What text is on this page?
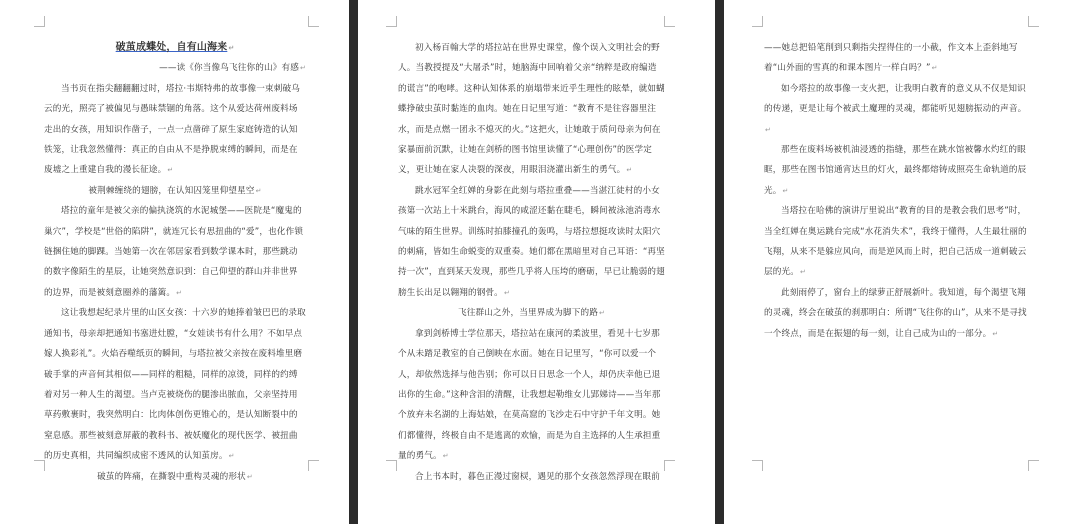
破茧成蝶处，自有山海来↵

——读《你当像鸟飞往你的山》有感↵

当书页在指尖翻翻翻过时，塔拉·韦斯特弗的故事像一束刺破乌云的光，照亮了被偏见与愚昧禁锢的角落。这个从爱达荷州废料场走出的女孩，用知识作凿子，一点一点凿碎了原生家庭铸造的认知铁笼，让我忽然懂得：真正的自由从不是挣脱束缚的瞬间，而是在废墟之上重建自我的漫长征途。↵

被荆棘缠绕的翅膀，在认知囚笼里仰望星空↵

塔拉的童年是被父亲的偏执浇筑的水泥城堡——医院是“魔鬼的巢穴”，学校是“世俗的陷阱”，就连冗长有思扭曲的“爱”，也化作锁链捆住她的脚踝。当她第一次在邻居家看到数学课本时，那些跳动的数字像陌生的星辰，让她突然意识到：自己仰望的群山并非世界的边界，而是被刻意圈养的藩篱。↵

这让我想起纪录片里的山区女孩：十六岁的她捧着皱巴巴的录取通知书，母亲却把通知书塞进灶膛，“女娃读书有什么用？不如早点嫁人换彩礼”。火焰吞噬纸页的瞬间，与塔拉被父亲按在废料堆里磨破手掌的声音何其相似——同样的粗糙，同样的凉烫，同样的约缚着对另一种人生的渴望。当卢克被烧伤的腿渗出脓血，父亲坚持用草药敷裹时，我突然明白：比肉体创伤更锥心的，是认知断裂中的窒息感。那些被刻意屏蔽的教科书、被妖魔化的现代医学、被扭曲的历史真相，共同编织成密不透风的认知茧房。↵

破茧的阵痛，在撕裂中重构灵魂的形状↵

初入杨百翰大学的塔拉站在世界史课堂，像个误入文明社会的野人。当教授提及“大屠杀”时，她脑海中回响着父亲“纳粹是政府编造的谎言”的咆哮。这种认知体系的崩塌带来近乎生理性的眩晕，就如蝴蝶挣破虫茧时黏连的血肉。她在日记里写道：“教育不是往容器里注水，而是点燃一团永不熄灭的火。”这把火，让她敢于质问母亲为何在家暴面前沉默，让她在剑桥的图书馆里读懂了“心理创伤”的医学定义，更让她在家人决裂的深夜，用眼泪浇灌出新生的勇气。↵

跳水冠军全红婵的身影在此刻与塔拉重叠——当湛江徒村的小女孩第一次站上十米跳台，海风的咸涩还黏在睫毛，瞬间被泳池消毒水气味的陌生世界。训练时拍膝撞孔的轰鸣，与塔拉想挺攻读时太阳穴的刺痛，皆如生命蜕变的双重奏。她们都在黑暗里对自己耳语：“再坚持一次”，直到某天发现，那些几乎将人压垮的磨砺，早已让脆弱的翅膀生长出足以翱翔的钢骨。↵

飞往群山之外，当里界成为脚下的路↵

拿到剑桥博士学位那天，塔拉站在康河的柔波里，看见十七岁那个从未踏足教室的自己倒映在水面。她在日记里写，“你可以爱一个人，却依然选择与他告别；你可以日日思念一个人，却仍庆幸他已退出你的生命。”这种含泪的清醒，让我想起勒维女儿郢娣诗——当年那个放弃未名湖的上海姑娘，在莫高窟的飞沙走石中守护千年文明。她们都懂得，终极自由不是逃离的欢愉，而是为自主选择的人生承担重量的勇气。↵

合上书本时，暮色正漫过窗棂，遇见的那个女孩忽然浮现在眼前

——她总把铅笔削到只剩指尖捏得住的一小截，作文本上歪斜地写着“山外面的雪真的和课本图片一样白吗？”↵

如今塔拉的故事像一支火把，让我明白教育的意义从不仅是知识的传递，更是让每个被武土魔理的灵魂，都能听见翅膀振动的声音。↵

那些在废料场被机油浸透的指缝，那些在跳水馆被馨水灼红的眼眶，那些在图书馆通宵达旦的灯火，最终都熔铸成照亮生命轨道的辰光。↵

当塔拉在哈佛的演讲厅里说出“教育的目的是教会我们思考”时，当全红婵在奥运跳台完成“水花消失术”，我终于懂得，人生最壮丽的飞翔，从来不是躲应风向，而是逆风而上时，把自己活成一道刺破云层的光。↵

此刻雨停了，窗台上的绿萝正舒展新叶。我知道，每个渴望飞翔的灵魂，终会在破茧的刹那明白：所谓“飞往你的山”，从来不是寻找一个终点，而是在振翅的每一刻，让自己成为山的一部分。↵
